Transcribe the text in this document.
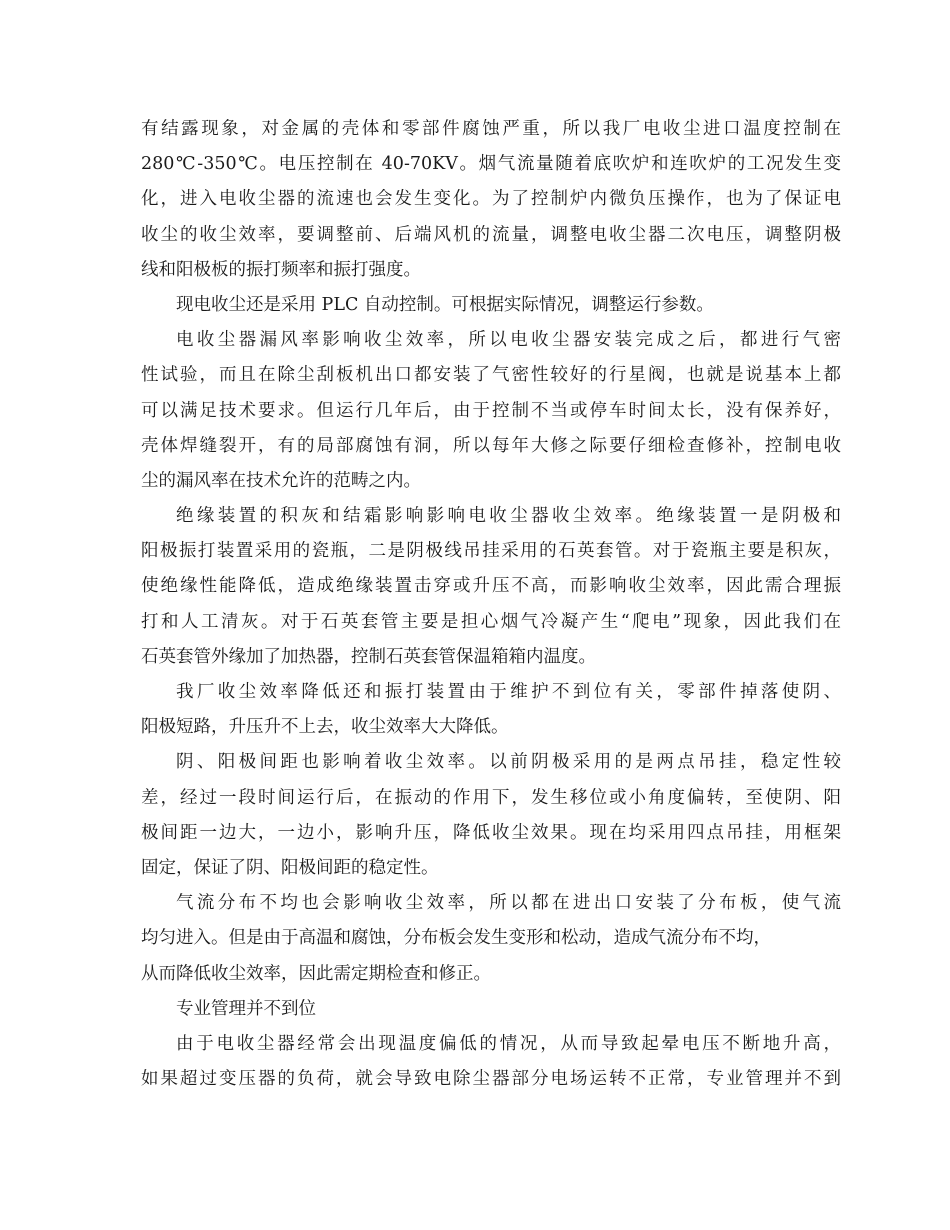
有结露现象，对金属的壳体和零部件腐蚀严重，所以我厂电收尘进口温度控制在
280℃-350℃。电压控制在 40-70KV。烟气流量随着底吹炉和连吹炉的工况发生变
化，进入电收尘器的流速也会发生变化。为了控制炉内微负压操作，也为了保证电
收尘的收尘效率，要调整前、后端风机的流量，调整电收尘器二次电压，调整阴极
线和阳极板的振打频率和振打强度。
现电收尘还是采用 PLC 自动控制。可根据实际情况，调整运行参数。
电收尘器漏风率影响收尘效率，所以电收尘器安装完成之后，都进行气密
性试验，而且在除尘刮板机出口都安装了气密性较好的行星阀，也就是说基本上都
可以满足技术要求。但运行几年后，由于控制不当或停车时间太长，没有保养好，
壳体焊缝裂开，有的局部腐蚀有洞，所以每年大修之际要仔细检查修补，控制电收
尘的漏风率在技术允许的范畴之内。
绝缘装置的积灰和结霜影响影响电收尘器收尘效率。绝缘装置一是阴极和
阳极振打装置采用的瓷瓶，二是阴极线吊挂采用的石英套管。对于瓷瓶主要是积灰，
使绝缘性能降低，造成绝缘装置击穿或升压不高，而影响收尘效率，因此需合理振
打和人工清灰。对于石英套管主要是担心烟气冷凝产生“爬电”现象，因此我们在
石英套管外缘加了加热器，控制石英套管保温箱箱内温度。
我厂收尘效率降低还和振打装置由于维护不到位有关，零部件掉落使阴、
阳极短路，升压升不上去，收尘效率大大降低。
阴、阳极间距也影响着收尘效率。以前阴极采用的是两点吊挂，稳定性较
差，经过一段时间运行后，在振动的作用下，发生移位或小角度偏转，至使阴、阳
极间距一边大，一边小，影响升压，降低收尘效果。现在均采用四点吊挂，用框架
固定，保证了阴、阳极间距的稳定性。
气流分布不均也会影响收尘效率，所以都在进出口安装了分布板，使气流
均匀进入。但是由于高温和腐蚀，分布板会发生变形和松动，造成气流分布不均，
从而降低收尘效率，因此需定期检查和修正。
专业管理并不到位
由于电收尘器经常会出现温度偏低的情况，从而导致起晕电压不断地升高，
如果超过变压器的负荷，就会导致电除尘器部分电场运转不正常，专业管理并不到
